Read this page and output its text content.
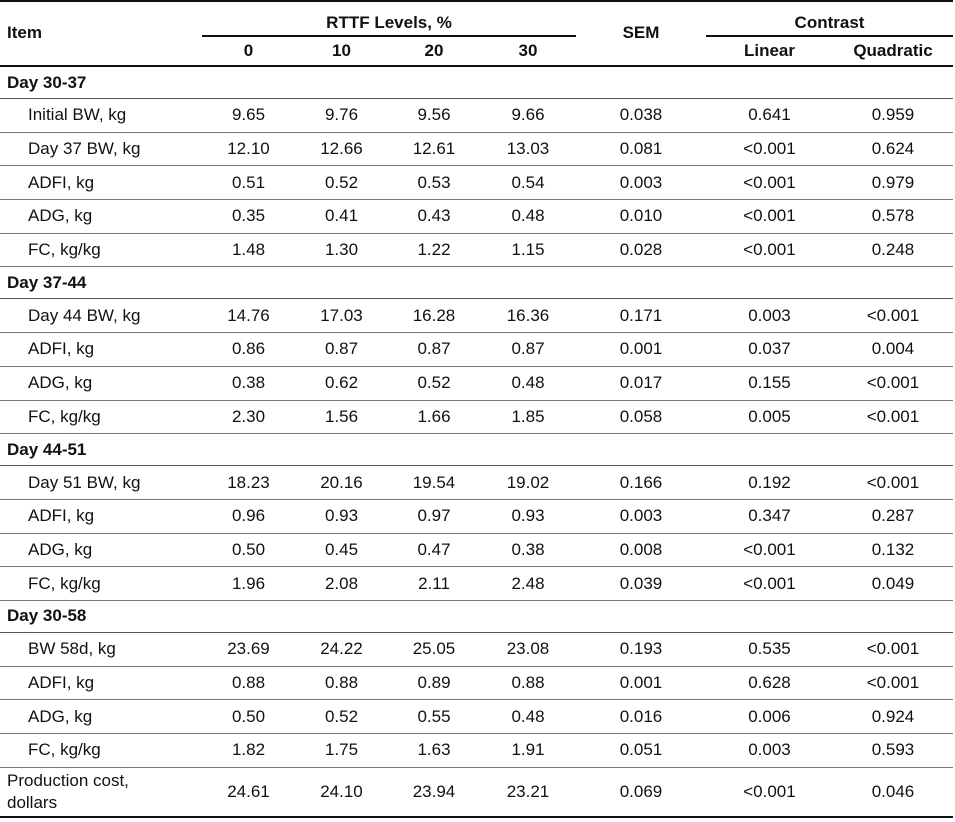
Item	RTTF Levels, %				SEM	Contrast	
	0	10	20	30		Linear	Quadratic
Day 30-37							
Initial BW, kg	9.65	9.76	9.56	9.66	0.038	0.641	0.959
Day 37 BW, kg	12.10	12.66	12.61	13.03	0.081	<0.001	0.624
ADFI, kg	0.51	0.52	0.53	0.54	0.003	<0.001	0.979
ADG, kg	0.35	0.41	0.43	0.48	0.010	<0.001	0.578
FC, kg/kg	1.48	1.30	1.22	1.15	0.028	<0.001	0.248
Day 37-44							
Day 44 BW, kg	14.76	17.03	16.28	16.36	0.171	0.003	<0.001
ADFI, kg	0.86	0.87	0.87	0.87	0.001	0.037	0.004
ADG, kg	0.38	0.62	0.52	0.48	0.017	0.155	<0.001
FC, kg/kg	2.30	1.56	1.66	1.85	0.058	0.005	<0.001
Day 44-51							
Day 51 BW, kg	18.23	20.16	19.54	19.02	0.166	0.192	<0.001
ADFI, kg	0.96	0.93	0.97	0.93	0.003	0.347	0.287
ADG, kg	0.50	0.45	0.47	0.38	0.008	<0.001	0.132
FC, kg/kg	1.96	2.08	2.11	2.48	0.039	<0.001	0.049
Day 30-58							
BW 58d, kg	23.69	24.22	25.05	23.08	0.193	0.535	<0.001
ADFI, kg	0.88	0.88	0.89	0.88	0.001	0.628	<0.001
ADG, kg	0.50	0.52	0.55	0.48	0.016	0.006	0.924
FC, kg/kg	1.82	1.75	1.63	1.91	0.051	0.003	0.593
Production cost,
dollars	24.61	24.10	23.94	23.21	0.069	<0.001	0.046
